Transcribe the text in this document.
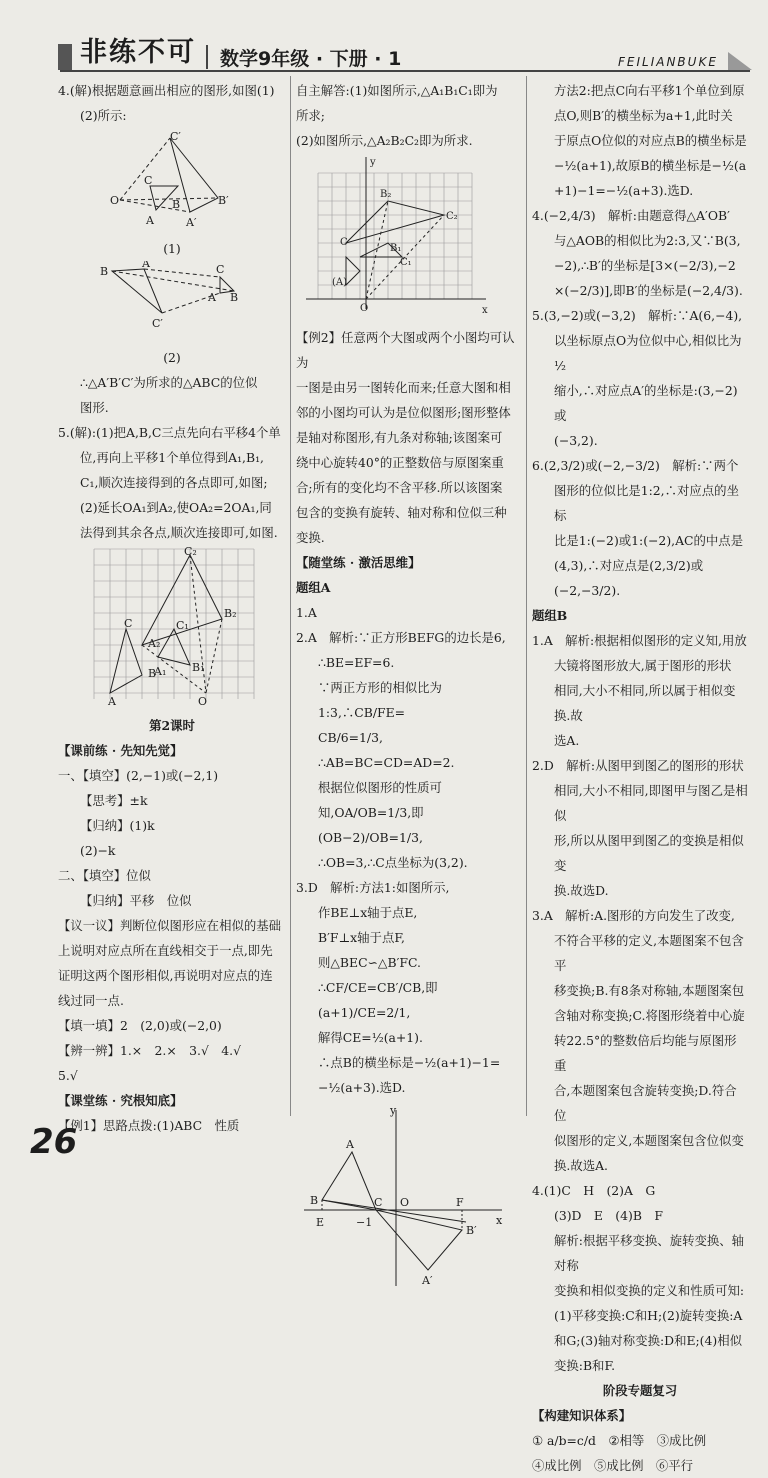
非练不可 数学9年级 · 下册 · 1	FEILIANBUKE

4.(解)根据题意画出相应的图形,如图(1)

(2)所示:

C′
C
O	B
A
B′
A′

(1)

A′
B
C′
C
B
A

(2)

∴△A′B′C′为所求的△ABC的位似

图形.

5.(解):(1)把A,B,C三点先向右平移4个单

位,再向上平移1个单位得到A₁,B₁,

C₁,顺次连接得到的各点即可,如图;

(2)延长OA₁到A₂,使OA₂=2OA₁,同

法得到其余各点,顺次连接即可,如图.

C₂
B₂
C
A₂
C₁
B₁
A₁
A
B
O

第2课时

【课前练 · 先知先觉】

一、【填空】(2,−1)或(−2,1)

【思考】±k

【归纳】(1)k

(2)−k

二、【填空】位似

【归纳】平移　位似

【议一议】判断位似图形应在相似的基础

上说明对应点所在直线相交于一点,即先

证明这两个图形相似,再说明对应点的连

线过同一点.

【填一填】2　(2,0)或(−2,0)

【辨一辨】1.×　2.×　3.√　4.√

5.√

【课堂练 · 究根知底】

【例1】思路点拨:(1)ABC　性质

自主解答:(1)如图所示,△A₁B₁C₁即为

所求;

(2)如图所示,△A₂B₂C₂即为所求.

y
x
O
B₂
C₂
C
(A)
B₁
C₁

【例2】任意两个大图或两个小图均可认为

一图是由另一图转化而来;任意大图和相

邻的小图均可认为是位似图形;图形整体

是轴对称图形,有九条对称轴;该图案可

绕中心旋转40°的正整数倍与原图案重

合;所有的变化均不含平移.所以该图案

包含的变换有旋转、轴对称和位似三种

变换.

【随堂练 · 激活思维】

题组A

1.A

2.A　解析:∵正方形BEFG的边长是6,

∴BE=EF=6.

∵两正方形的相似比为1:3,∴CB/FE=

CB/6=1/3,

∴AB=BC=CD=AD=2.

根据位似图形的性质可知,OA/OB=1/3,即

(OB−2)/OB=1/3,

∴OB=3,∴C点坐标为(3,2).

3.D　解析:方法1:如图所示,

作BE⊥x轴于点E,

B′F⊥x轴于点F,

则△BEC∽△B′FC.

∴CF/CE=CB′/CB,即(a+1)/CE=2/1,

解得CE=½(a+1).

∴点B的横坐标是−½(a+1)−1=

−½(a+3).选D.

y
x
A
B	C O	F
E	−1
B′
A′

方法2:把点C向右平移1个单位到原

点O,则B′的横坐标为a+1,此时关

于原点O位似的对应点B的横坐标是

−½(a+1),故原B的横坐标是−½(a

+1)−1=−½(a+3).选D.

4.(−2,4/3)　解析:由题意得△A′OB′

与△AOB的相似比为2:3,又∵B(3,

−2),∴B′的坐标是[3×(−2/3),−2

×(−2/3)],即B′的坐标是(−2,4/3).

5.(3,−2)或(−3,2)　解析:∵A(6,−4),

以坐标原点O为位似中心,相似比为½

缩小,∴对应点A′的坐标是:(3,−2)或

(−3,2).

6.(2,3/2)或(−2,−3/2)　解析:∵两个

图形的位似比是1:2,∴对应点的坐标

比是1:(−2)或1:(−2),AC的中点是

(4,3),∴对应点是(2,3/2)或(−2,−3/2).

题组B

1.A　解析:根据相似图形的定义知,用放

大镜将图形放大,属于图形的形状

相同,大小不相同,所以属于相似变换.故

选A.

2.D　解析:从图甲到图乙的图形的形状

相同,大小不相同,即图甲与图乙是相似

形,所以从图甲到图乙的变换是相似变

换.故选D.

3.A　解析:A.图形的方向发生了改变,

不符合平移的定义,本题图案不包含平

移变换;B.有8条对称轴,本题图案包

含轴对称变换;C.将图形绕着中心旋

转22.5°的整数倍后均能与原图形重

合,本题图案包含旋转变换;D.符合位

似图形的定义,本题图案包含位似变

换.故选A.

4.(1)C　H　(2)A　G

(3)D　E　(4)B　F

解析:根据平移变换、旋转变换、轴对称

变换和相似变换的定义和性质可知:

(1)平移变换:C和H;(2)旋转变换:A

和G;(3)轴对称变换:D和E;(4)相似

变换:B和F.

阶段专题复习

【构建知识体系】

① a/b=c/d　②相等　③成比例

④成比例　⑤成比例　⑥平行

26
